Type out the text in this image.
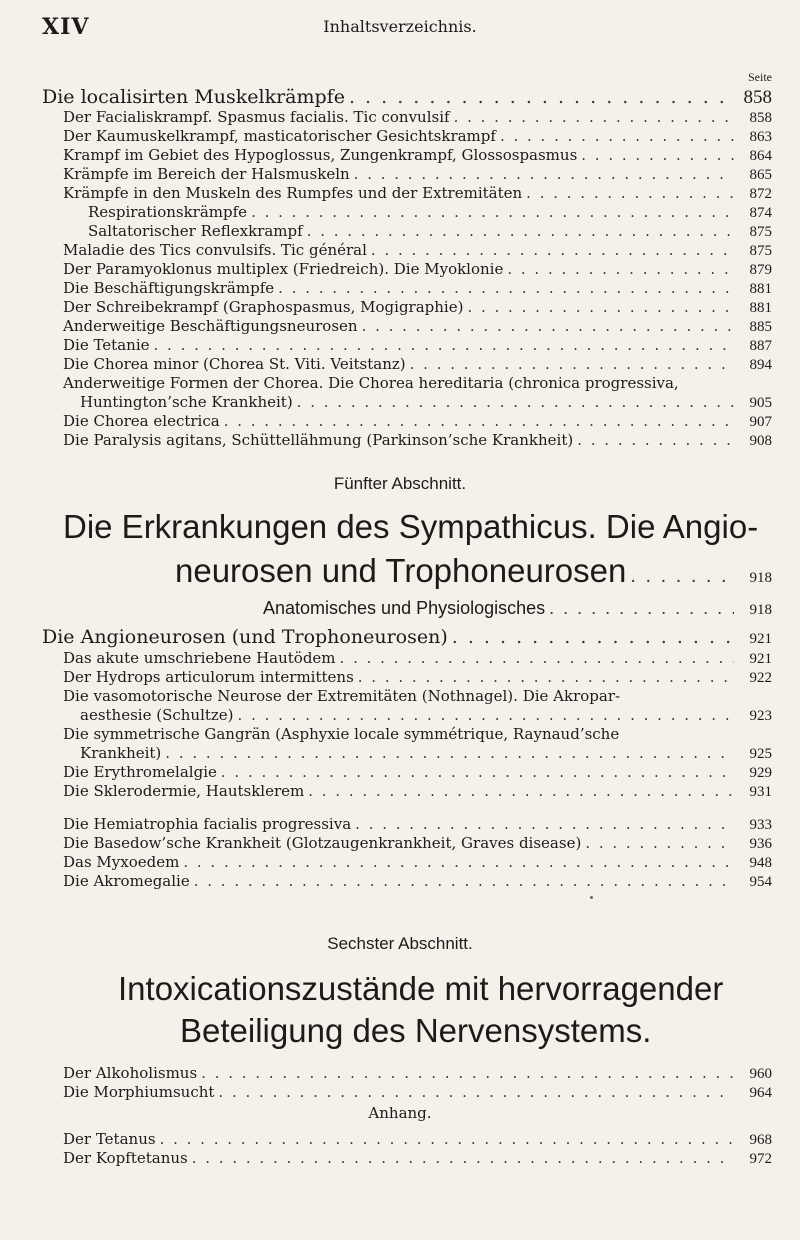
XIV	Inhaltsverzeichnis.
Seite
Die localisirten Muskelkrämpfe . . .	858
Der Facialiskrampf. Spasmus facialis. Tic convulsif . . .	858
Der Kaumuskelkrampf, masticatorischer Gesichtskrampf . . .	863
Krampf im Gebiet des Hypoglossus, Zungenkrampf, Glossospasmus . . .	864
Krämpfe im Bereich der Halsmuskeln . . .	865
Krämpfe in den Muskeln des Rumpfes und der Extremitäten . . .	872
Respirationskrämpfe . . .	874
Saltatorischer Reflexkrampf . . .	875
Maladie des Tics convulsifs. Tic général . . .	875
Der Paramyoklonus multiplex (Friedreich). Die Myoklonie . . .	879
Die Beschäftigungskrämpfe . . .	881
Der Schreibekrampf (Graphospasmus, Mogigraphie) . . .	881
Anderweitige Beschäftigungsneurosen . . .	885
Die Tetanie . . .	887
Die Chorea minor (Chorea St. Viti. Veitstanz) . . .	894
Anderweitige Formen der Chorea. Die Chorea hereditaria (chronica progressiva,
Huntington’sche Krankheit) . . .	905
Die Chorea electrica . . .	907
Die Paralysis agitans, Schüttellähmung (Parkinson’sche Krankheit) . . .	908
Fünfter Abschnitt.
Die Erkrankungen des Sympathicus. Die Angio-
neurosen und Trophoneurosen . . .	918
Anatomisches und Physiologisches . . .	918
Die Angioneurosen (und Trophoneurosen) . . .	921
Das akute umschriebene Hautödem . . .	921
Der Hydrops articulorum intermittens . . .	922
Die vasomotorische Neurose der Extremitäten (Nothnagel). Die Akropar-
aesthesie (Schultze) . . .	923
Die symmetrische Gangrän (Asphyxie locale symmétrique, Raynaud’sche
Krankheit) . . .	925
Die Erythromelalgie . . .	929
Die Sklerodermie, Hautsklerem . . .	931
Die Hemiatrophia facialis progressiva . . .	933
Die Basedow’sche Krankheit (Glotzaugenkrankheit, Graves disease) . . .	936
Das Myxoedem . . .	948
Die Akromegalie . . .	954
Sechster Abschnitt.
Intoxicationszustände mit hervorragender
Beteiligung des Nervensystems.
Der Alkoholismus . . .	960
Die Morphiumsucht . . .	964
Anhang.
Der Tetanus . . .	968
Der Kopftetanus . . .	972
